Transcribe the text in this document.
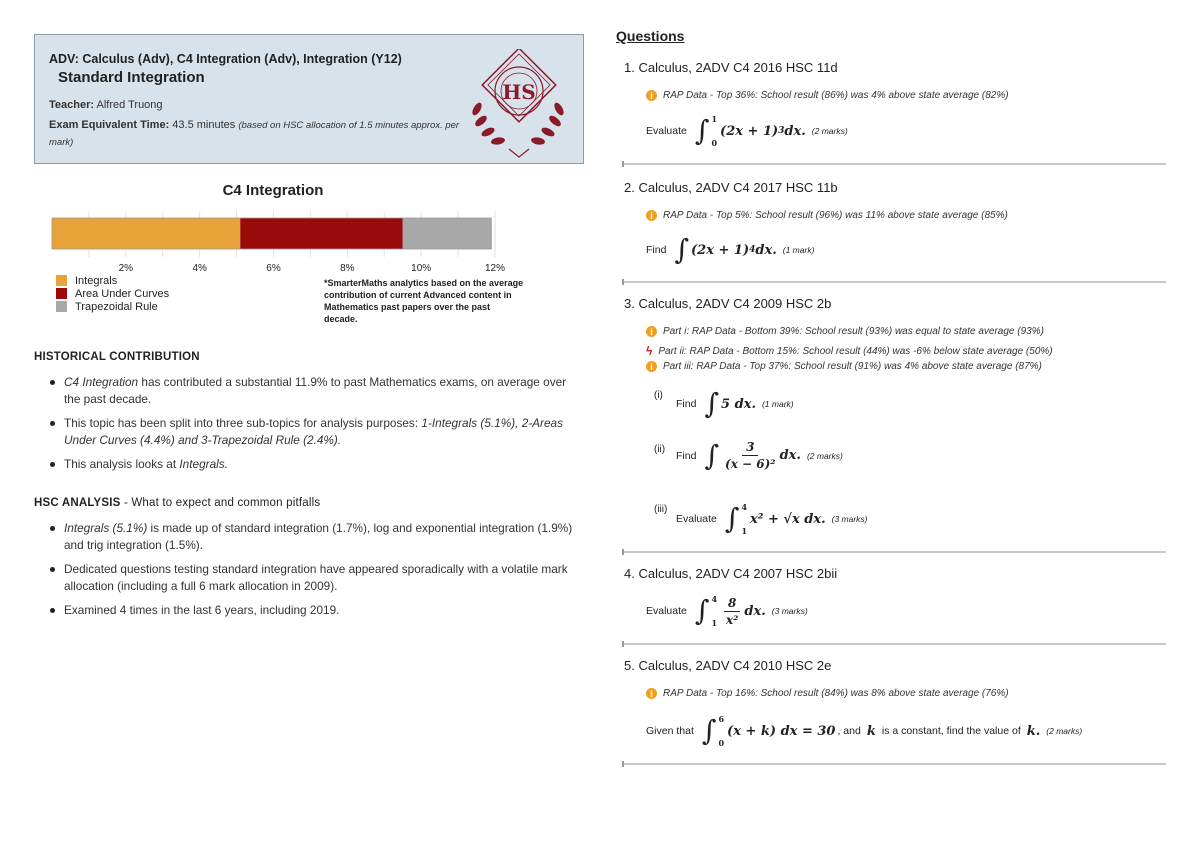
ADV: Calculus (Adv), C4 Integration (Adv), Integration (Y12)
Standard Integration
Teacher: Alfred Truong
Exam Equivalent Time: 43.5 minutes (based on HSC allocation of 1.5 minutes approx. per mark)
HS
C4 Integration
2%	4%	6%	8%	10%	12%
Integrals
Area Under Curves
Trapezoidal Rule
*SmarterMaths analytics based on the average contribution of current Advanced content in Mathematics past papers over the past decade.
HISTORICAL CONTRIBUTION
C4 Integration has contributed a substantial 11.9% to past Mathematics exams, on average over the past decade.
This topic has been split into three sub-topics for analysis purposes: 1-Integrals (5.1%), 2-Areas Under Curves (4.4%) and 3-Trapezoidal Rule (2.4%).
This analysis looks at Integrals.
HSC ANALYSIS - What to expect and common pitfalls
Integrals (5.1%) is made up of standard integration (1.7%), log and exponential integration (1.9%) and trig integration (1.5%).
Dedicated questions testing standard integration have appeared sporadically with a volatile mark allocation (including a full 6 mark allocation in 2009).
Examined 4 times in the last 6 years, including 2019.
Questions
1. Calculus, 2ADV C4 2016 HSC 11d
i	RAP Data - Top 36%: School result (86%) was 4% above state average (82%)
Evaluate ∫ 1
0
(2x + 1) 3 dx. (2 marks)
2. Calculus, 2ADV C4 2017 HSC 11b
i	RAP Data - Top 5%: School result (96%) was 11% above state average (85%)
Find ∫ (2x + 1) 4 dx. (1 mark)
3. Calculus, 2ADV C4 2009 HSC 2b
i	Part i: RAP Data - Bottom 39%: School result (93%) was equal to state average (93%)
ϟ Part ii: RAP Data - Bottom 15%: School result (44%) was -6% below state average (50%)
i	Part iii: RAP Data - Top 37%: School result (91%) was 4% above state average (87%)
(i)
Find ∫ 5 dx. (1 mark)
(ii) Find ∫ $\frac{3}{\text{(x − 6)²}}$ dx. (2 marks)
(iii)
Evaluate ∫ 4
1
x² + √x dx. (3 marks)
4. Calculus, 2ADV C4 2007 HSC 2bii
Evaluate ∫ 4
$1 \frac{8}{\text{x²}}$ dx. (3 marks)
5. Calculus, 2ADV C4 2010 HSC 2e
i	RAP Data - Top 16%: School result (84%) was 8% above state average (76%)
Given that ∫ 6
0
(x + k) dx = 30 , and k is a constant, find the value of k. (2 marks)
